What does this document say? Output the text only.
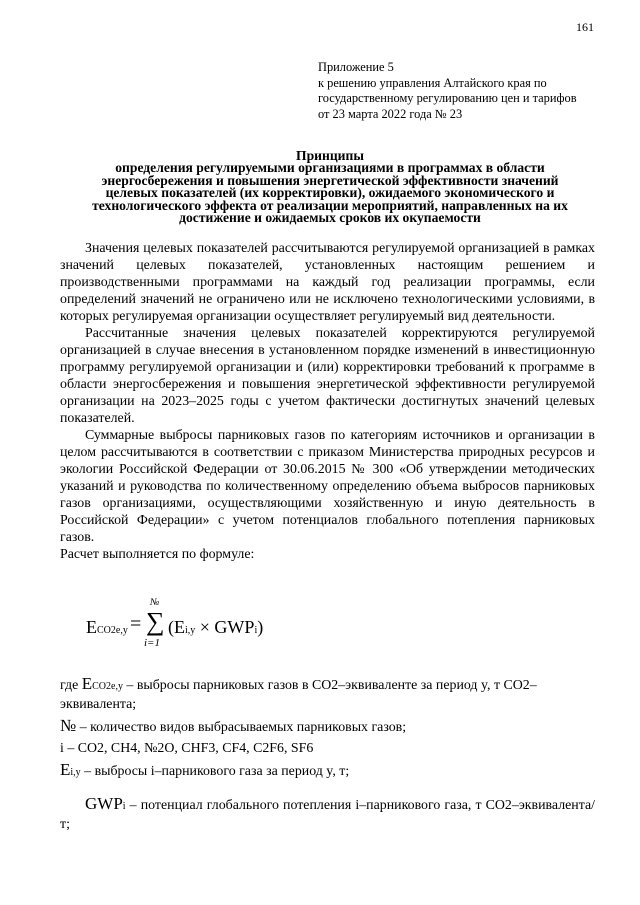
161
Приложение 5
к решению управления Алтайского края по
государственному регулированию цен и тарифов
от 23 марта 2022 года № 23
Принципы
определения регулируемыми организациями в программах в области
энергосбережения и повышения энергетической эффективности значений
целевых показателей (их корректировки), ожидаемого экономического и
технологического эффекта от реализации мероприятий, направленных на их
достижение и ожидаемых сроков их окупаемости

Значения целевых показателей рассчитываются регулируемой организацией в рамках значений целевых показателей, установленных настоящим решением и производственными программами на каждый год реализации программы, если определений значений не ограничено или не исключено технологическими условиями, в которых регулируемая организации осуществляет регулируемый вид деятельности.

Рассчитанные значения целевых показателей корректируются регулируемой организацией в случае внесения в установленном порядке изменений в инвестиционную программу регулируемой организации и (или) корректировки требований к программе в области энергосбережения и повышения энергетической эффективности регулируемой организации на 2023–2025 годы с учетом фактически достигнутых значений целевых показателей.

Суммарные выбросы парниковых газов по категориям источников и организации в целом рассчитываются в соответствии с приказом Министерства природных ресурсов и экологии Российской Федерации от 30.06.2015 № 300 «Об утверждении методических указаний и руководства по количественному определению объема выбросов парниковых газов организациями, осуществляющими хозяйственную и иную деятельность в Российской Федерации» с учетом потенциалов глобального потепления парниковых газов.

Расчет выполняется по формуле:

ECO2e,y =
№
∑
i=1
(Ei,y × GWPi)

где ECO2e,y – выбросы парниковых газов в CO2–эквиваленте за период y, т CO2–эквивалента;

№ – количество видов выбрасываемых парниковых газов;

i – CO2, CH4, №2O, CHF3, CF4, C2F6, SF6

Ei,y – выбросы i–парникового газа за период y, т;

GWPi – потенциал глобального потепления i–парникового газа, т CO2–эквивалента/т;
